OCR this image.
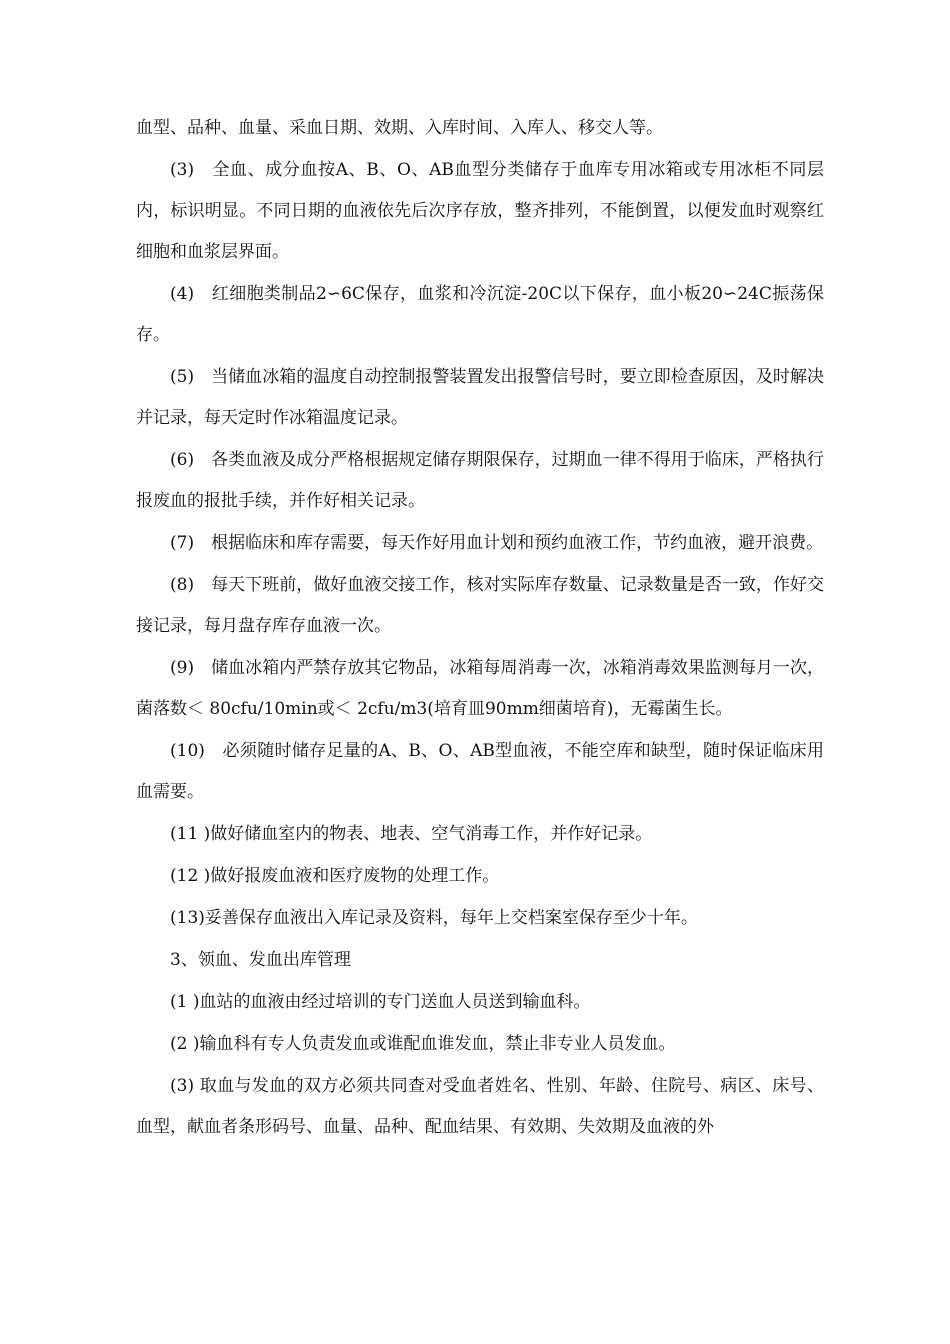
血型、品种、血量、采血日期、效期、入库时间、入库人、移交人等。

(3)　全血、成分血按A、B、O、AB血型分类储存于血库专用冰箱或专用冰柜不同层内，标识明显。不同日期的血液依先后次序存放，整齐排列，不能倒置，以便发血时观察红细胞和血浆层界面。

(4)　红细胞类制品2∽6C保存，血浆和冷沉淀-20C以下保存，血小板20∽24C振荡保存。

(5)　当储血冰箱的温度自动控制报警装置发出报警信号时，要立即检查原因，及时解决并记录，每天定时作冰箱温度记录。

(6)　各类血液及成分严格根据规定储存期限保存，过期血一律不得用于临床，严格执行报废血的报批手续，并作好相关记录。

(7)　根据临床和库存需要，每天作好用血计划和预约血液工作，节约血液，避开浪费。

(8)　每天下班前，做好血液交接工作，核对实际库存数量、记录数量是否一致，作好交接记录，每月盘存库存血液一次。

(9)　储血冰箱内严禁存放其它物品，冰箱每周消毒一次，冰箱消毒效果监测每月一次，菌落数＜ 80cfu/10min或＜ 2cfu/m3(培育皿90mm细菌培育)，无霉菌生长。

(10)　必须随时储存足量的A、B、O、AB型血液，不能空库和缺型，随时保证临床用血需要。

(11 )做好储血室内的物表、地表、空气消毒工作，并作好记录。

(12 )做好报废血液和医疗废物的处理工作。

(13)妥善保存血液出入库记录及资料，每年上交档案室保存至少十年。

3、领血、发血出库管理

(1 )血站的血液由经过培训的专门送血人员送到输血科。

(2 )输血科有专人负责发血或谁配血谁发血，禁止非专业人员发血。

(3) 取血与发血的双方必须共同查对受血者姓名、性别、年龄、住院号、病区、床号、血型，献血者条形码号、血量、品种、配血结果、有效期、失效期及血液的外
